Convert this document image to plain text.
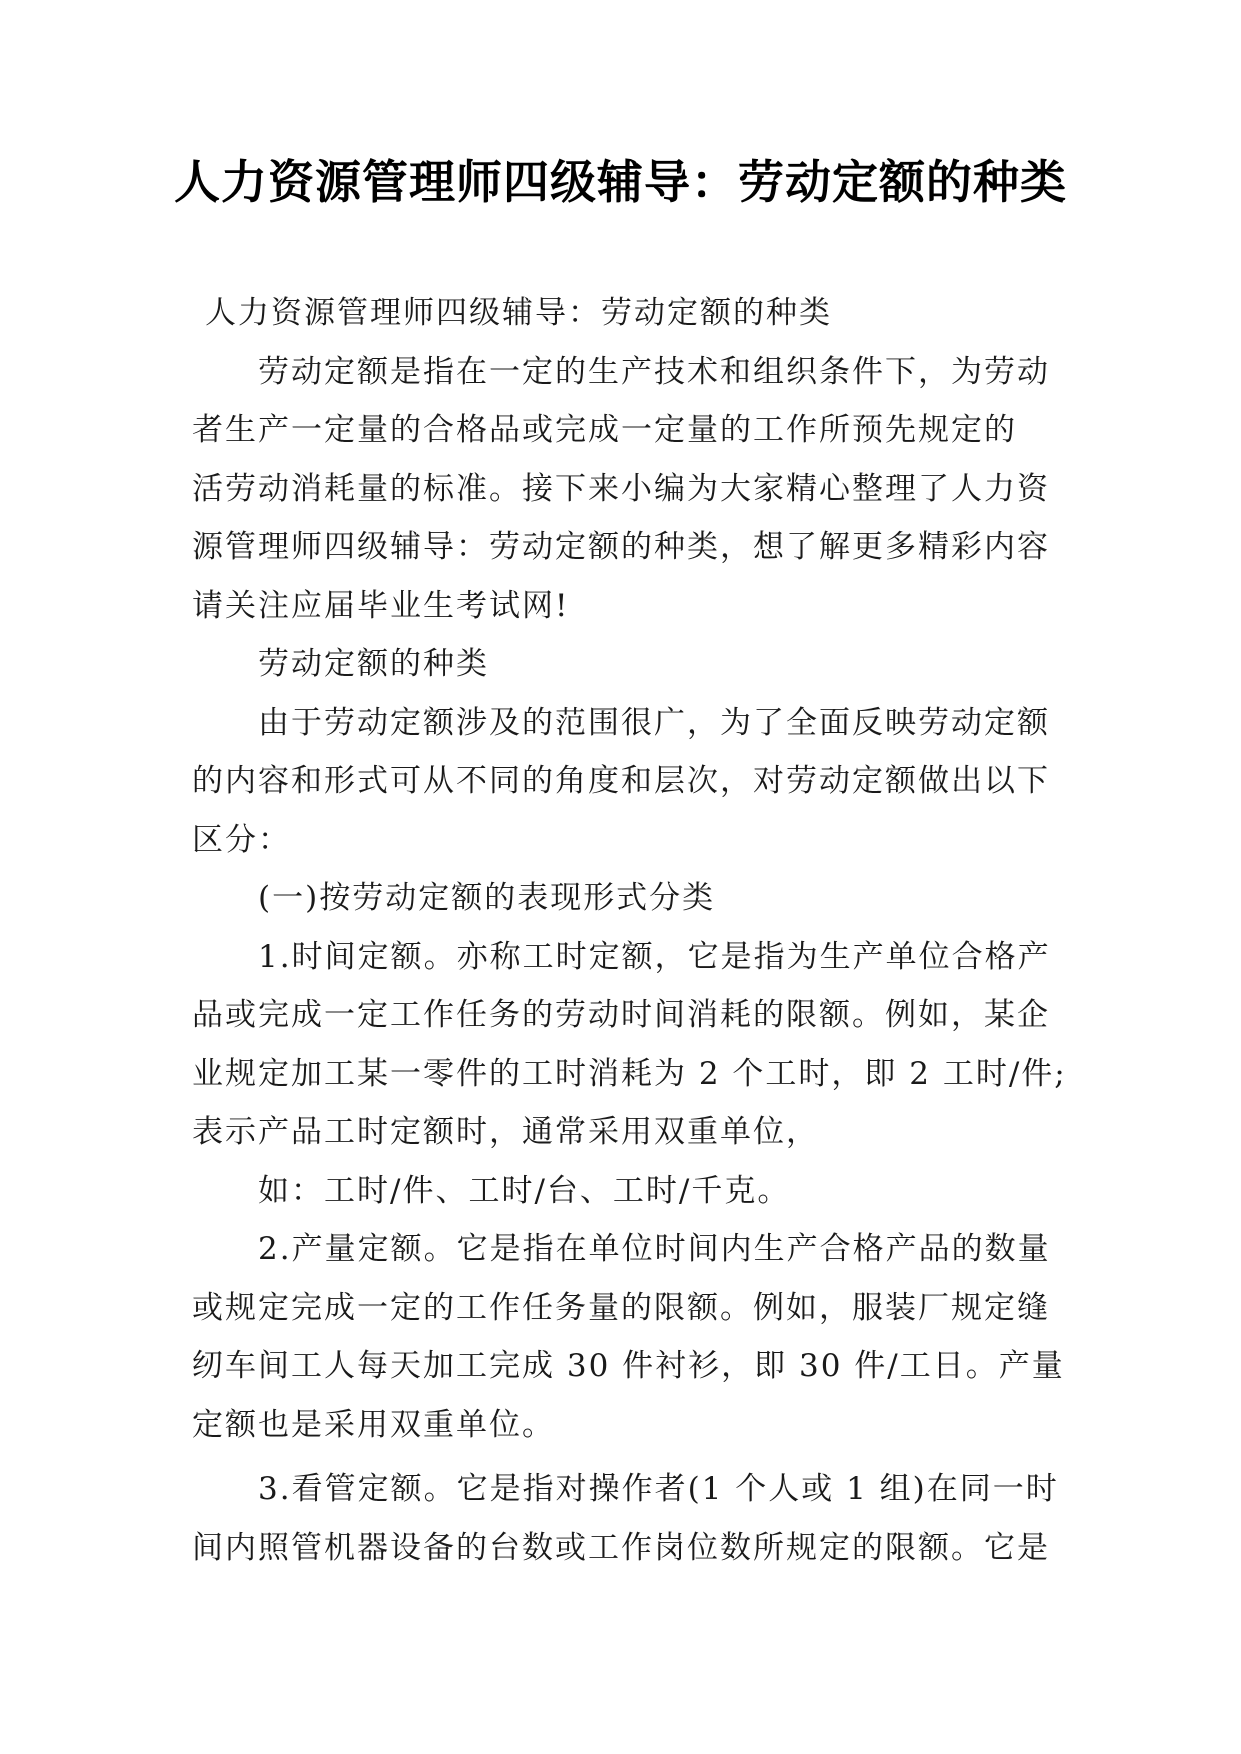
人力资源管理师四级辅导：劳动定额的种类
人力资源管理师四级辅导：劳动定额的种类
劳动定额是指在一定的生产技术和组织条件下，为劳动
者生产一定量的合格品或完成一定量的工作所预先规定的
活劳动消耗量的标准。接下来小编为大家精心整理了人力资
源管理师四级辅导：劳动定额的种类，想了解更多精彩内容
请关注应届毕业生考试网!
劳动定额的种类
由于劳动定额涉及的范围很广，为了全面反映劳动定额
的内容和形式可从不同的角度和层次，对劳动定额做出以下
区分：
(一)按劳动定额的表现形式分类
1.时间定额。亦称工时定额，它是指为生产单位合格产
品或完成一定工作任务的劳动时间消耗的限额。例如，某企
业规定加工某一零件的工时消耗为 2 个工时，即 2 工时/件;
表示产品工时定额时，通常采用双重单位，
如：工时/件、工时/台、工时/千克。
2.产量定额。它是指在单位时间内生产合格产品的数量
或规定完成一定的工作任务量的限额。例如，服装厂规定缝
纫车间工人每天加工完成 30 件衬衫，即 30 件/工日。产量
定额也是采用双重单位。
3.看管定额。它是指对操作者(1 个人或 1 组)在同一时
间内照管机器设备的台数或工作岗位数所规定的限额。它是
